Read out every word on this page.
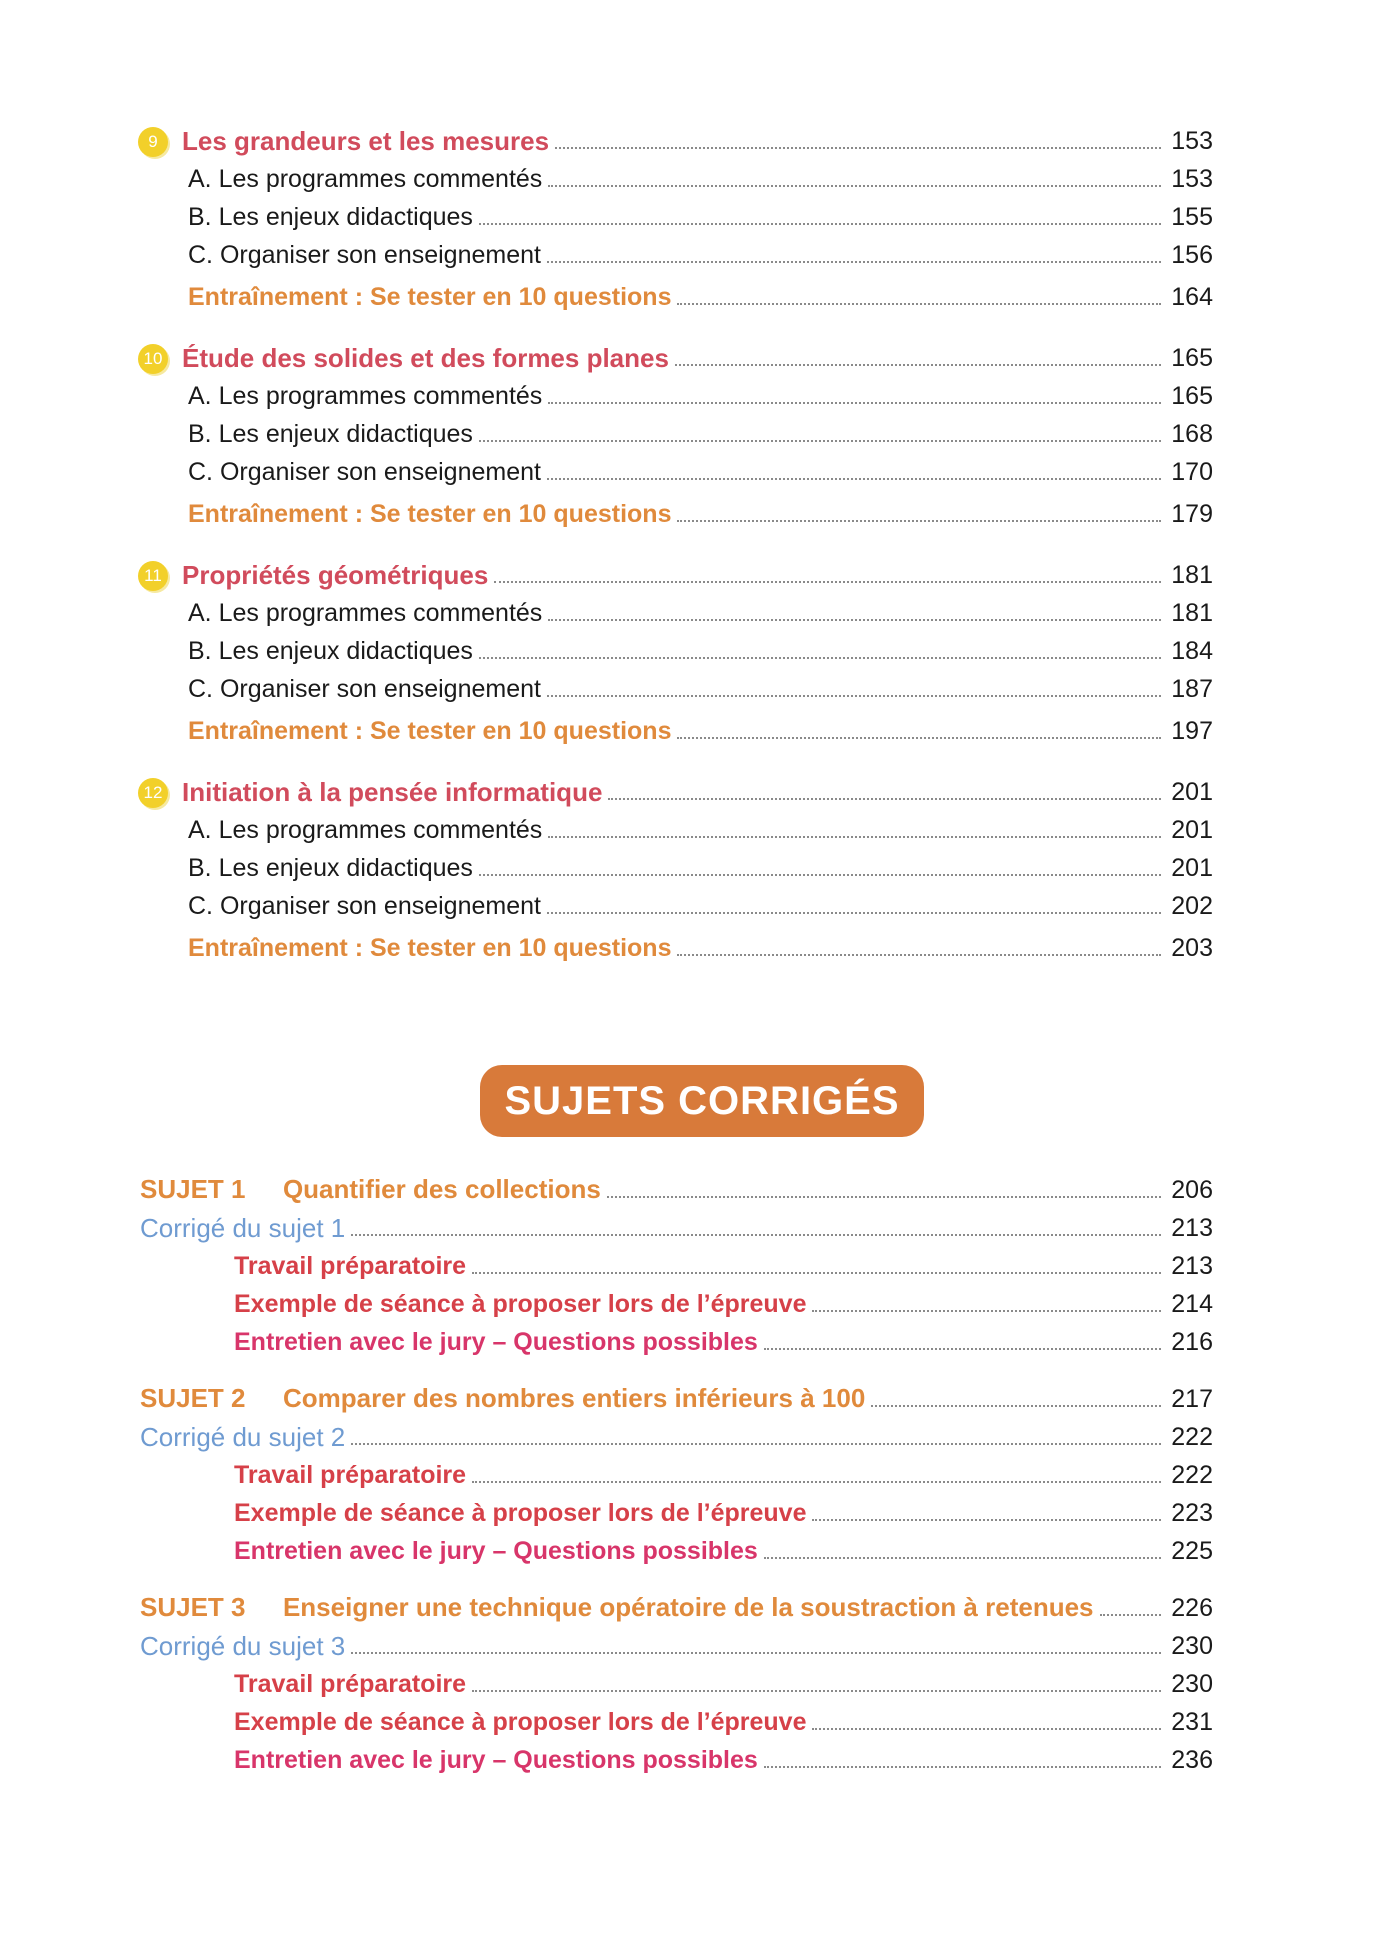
9 Les grandeurs et les mesures	153
A. Les programmes commentés	153
B. Les enjeux didactiques	155
C. Organiser son enseignement	156
Entraînement : Se tester en 10 questions	164
10 Étude des solides et des formes planes	165
A. Les programmes commentés	165
B. Les enjeux didactiques	168
C. Organiser son enseignement	170
Entraînement : Se tester en 10 questions	179
11 Propriétés géométriques	181
A. Les programmes commentés	181
B. Les enjeux didactiques	184
C. Organiser son enseignement	187
Entraînement : Se tester en 10 questions	197
12 Initiation à la pensée informatique	201
A. Les programmes commentés	201
B. Les enjeux didactiques	201
C. Organiser son enseignement	202
Entraînement : Se tester en 10 questions	203
SUJETS CORRIGÉS
SUJET 1 Quantifier des collections	206
Corrigé du sujet 1	213
Travail préparatoire	213
Exemple de séance à proposer lors de l’épreuve	214
Entretien avec le jury – Questions possibles	216
SUJET 2 Comparer des nombres entiers inférieurs à 100	217
Corrigé du sujet 2	222
Travail préparatoire	222
Exemple de séance à proposer lors de l’épreuve	223
Entretien avec le jury – Questions possibles	225
SUJET 3 Enseigner une technique opératoire de la soustraction à retenues	226
Corrigé du sujet 3	230
Travail préparatoire	230
Exemple de séance à proposer lors de l’épreuve	231
Entretien avec le jury – Questions possibles	236
